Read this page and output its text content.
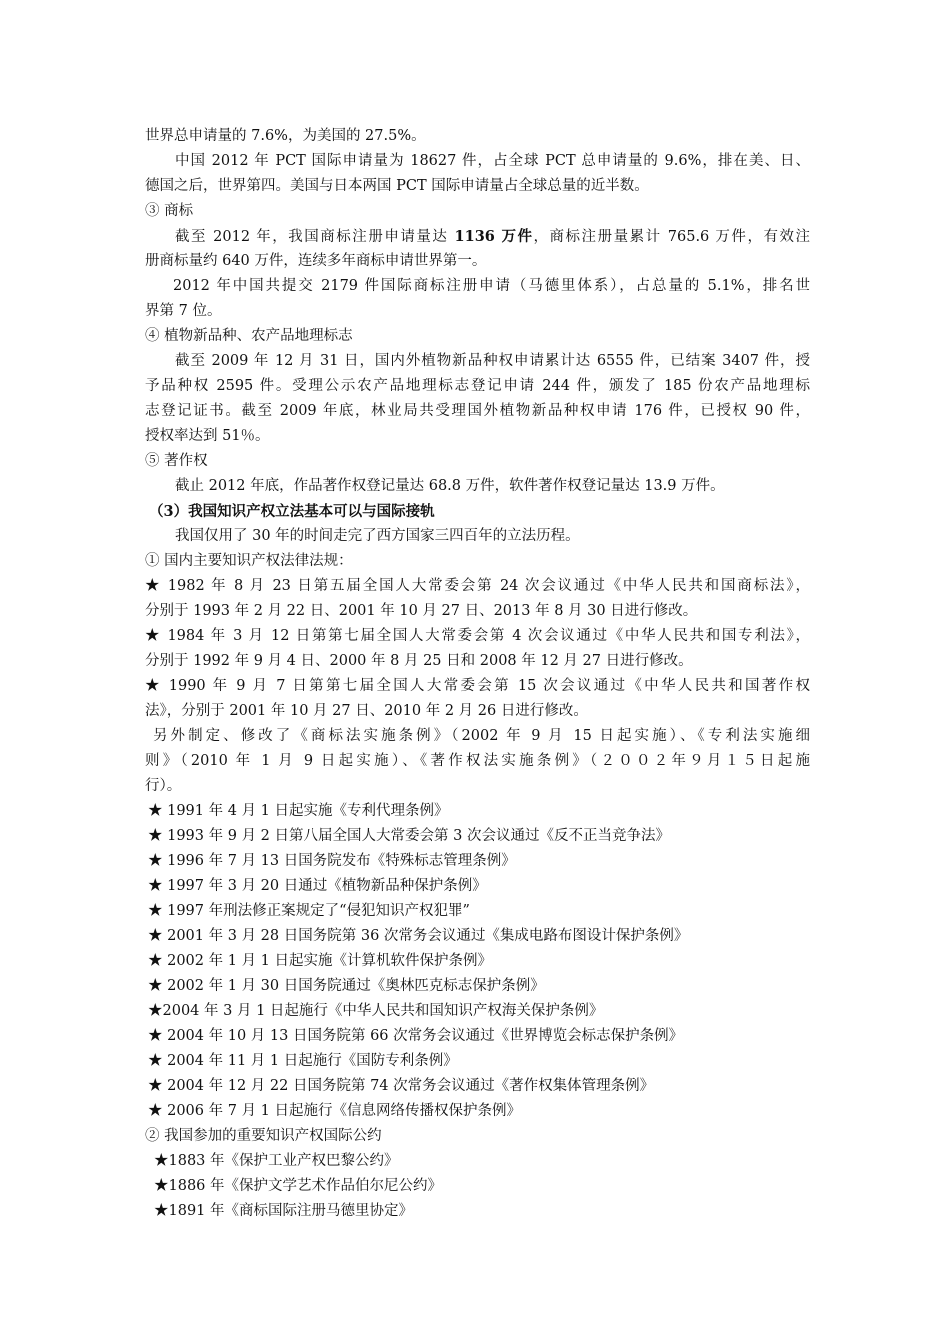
世界总申请量的 7.6%，为美国的 27.5%。
中国 2012 年 PCT 国际申请量为 18627 件，占全球 PCT 总申请量的 9.6%，排在美、日、
德国之后，世界第四。美国与日本两国 PCT 国际申请量占全球总量的近半数。
③ 商标
截至 2012 年，我国商标注册申请量达 1136 万件，商标注册量累计 765.6 万件，有效注
册商标量约 640 万件，连续多年商标申请世界第一。
2012 年中国共提交 2179 件国际商标注册申请（马德里体系），占总量的 5.1%，排名世
界第 7 位。
④ 植物新品种、农产品地理标志
截至 2009 年 12 月 31 日，国内外植物新品种权申请累计达 6555 件，已结案 3407 件，授
予品种权 2595 件。受理公示农产品地理标志登记申请 244 件，颁发了 185 份农产品地理标
志登记证书。截至 2009 年底，林业局共受理国外植物新品种权申请 176 件，已授权 90 件，
授权率达到 51％。
⑤ 著作权
截止 2012 年底，作品著作权登记量达 68.8 万件，软件著作权登记量达 13.9 万件。
（3）我国知识产权立法基本可以与国际接轨
我国仅用了 30 年的时间走完了西方国家三四百年的立法历程。
① 国内主要知识产权法律法规：
★ 1982 年 8 月 23 日第五届全国人大常委会第 24 次会议通过《中华人民共和国商标法》，
分别于 1993 年 2 月 22 日、2001 年 10 月 27 日、2013 年 8 月 30 日进行修改。
★ 1984 年 3 月 12 日第第七届全国人大常委会第 4 次会议通过《中华人民共和国专利法》，
分别于 1992 年 9 月 4 日、2000 年 8 月 25 日和 2008 年 12 月 27 日进行修改。
★ 1990 年 9 月 7 日第第七届全国人大常委会第 15 次会议通过《中华人民共和国著作权
法》，分别于 2001 年 10 月 27 日、2010 年 2 月 26 日进行修改。
另外制定、修改了《商标法实施条例》（2002 年 9 月 15 日起实施）、《专利法实施细
则》（2010 年 1 月 9 日起实施）、《著作权法实施条例》（２００２年９月１５日起施
行）。
★ 1991 年 4 月 1 日起实施《专利代理条例》
★ 1993 年 9 月 2 日第八届全国人大常委会第 3 次会议通过《反不正当竞争法》
★ 1996 年 7 月 13 日国务院发布《特殊标志管理条例》
★ 1997 年 3 月 20 日通过《植物新品种保护条例》
★ 1997 年刑法修正案规定了“侵犯知识产权犯罪”
★ 2001 年 3 月 28 日国务院第 36 次常务会议通过《集成电路布图设计保护条例》
★ 2002 年 1 月 1 日起实施《计算机软件保护条例》
★ 2002 年 1 月 30 日国务院通过《奥林匹克标志保护条例》
★2004 年 3 月 1 日起施行《中华人民共和国知识产权海关保护条例》
★ 2004 年 10 月 13 日国务院第 66 次常务会议通过《世界博览会标志保护条例》
★ 2004 年 11 月 1 日起施行《国防专利条例》
★ 2004 年 12 月 22 日国务院第 74 次常务会议通过《著作权集体管理条例》
★ 2006 年 7 月 1 日起施行《信息网络传播权保护条例》
② 我国参加的重要知识产权国际公约
★1883 年《保护工业产权巴黎公约》
★1886 年《保护文学艺术作品伯尔尼公约》
★1891 年《商标国际注册马德里协定》
